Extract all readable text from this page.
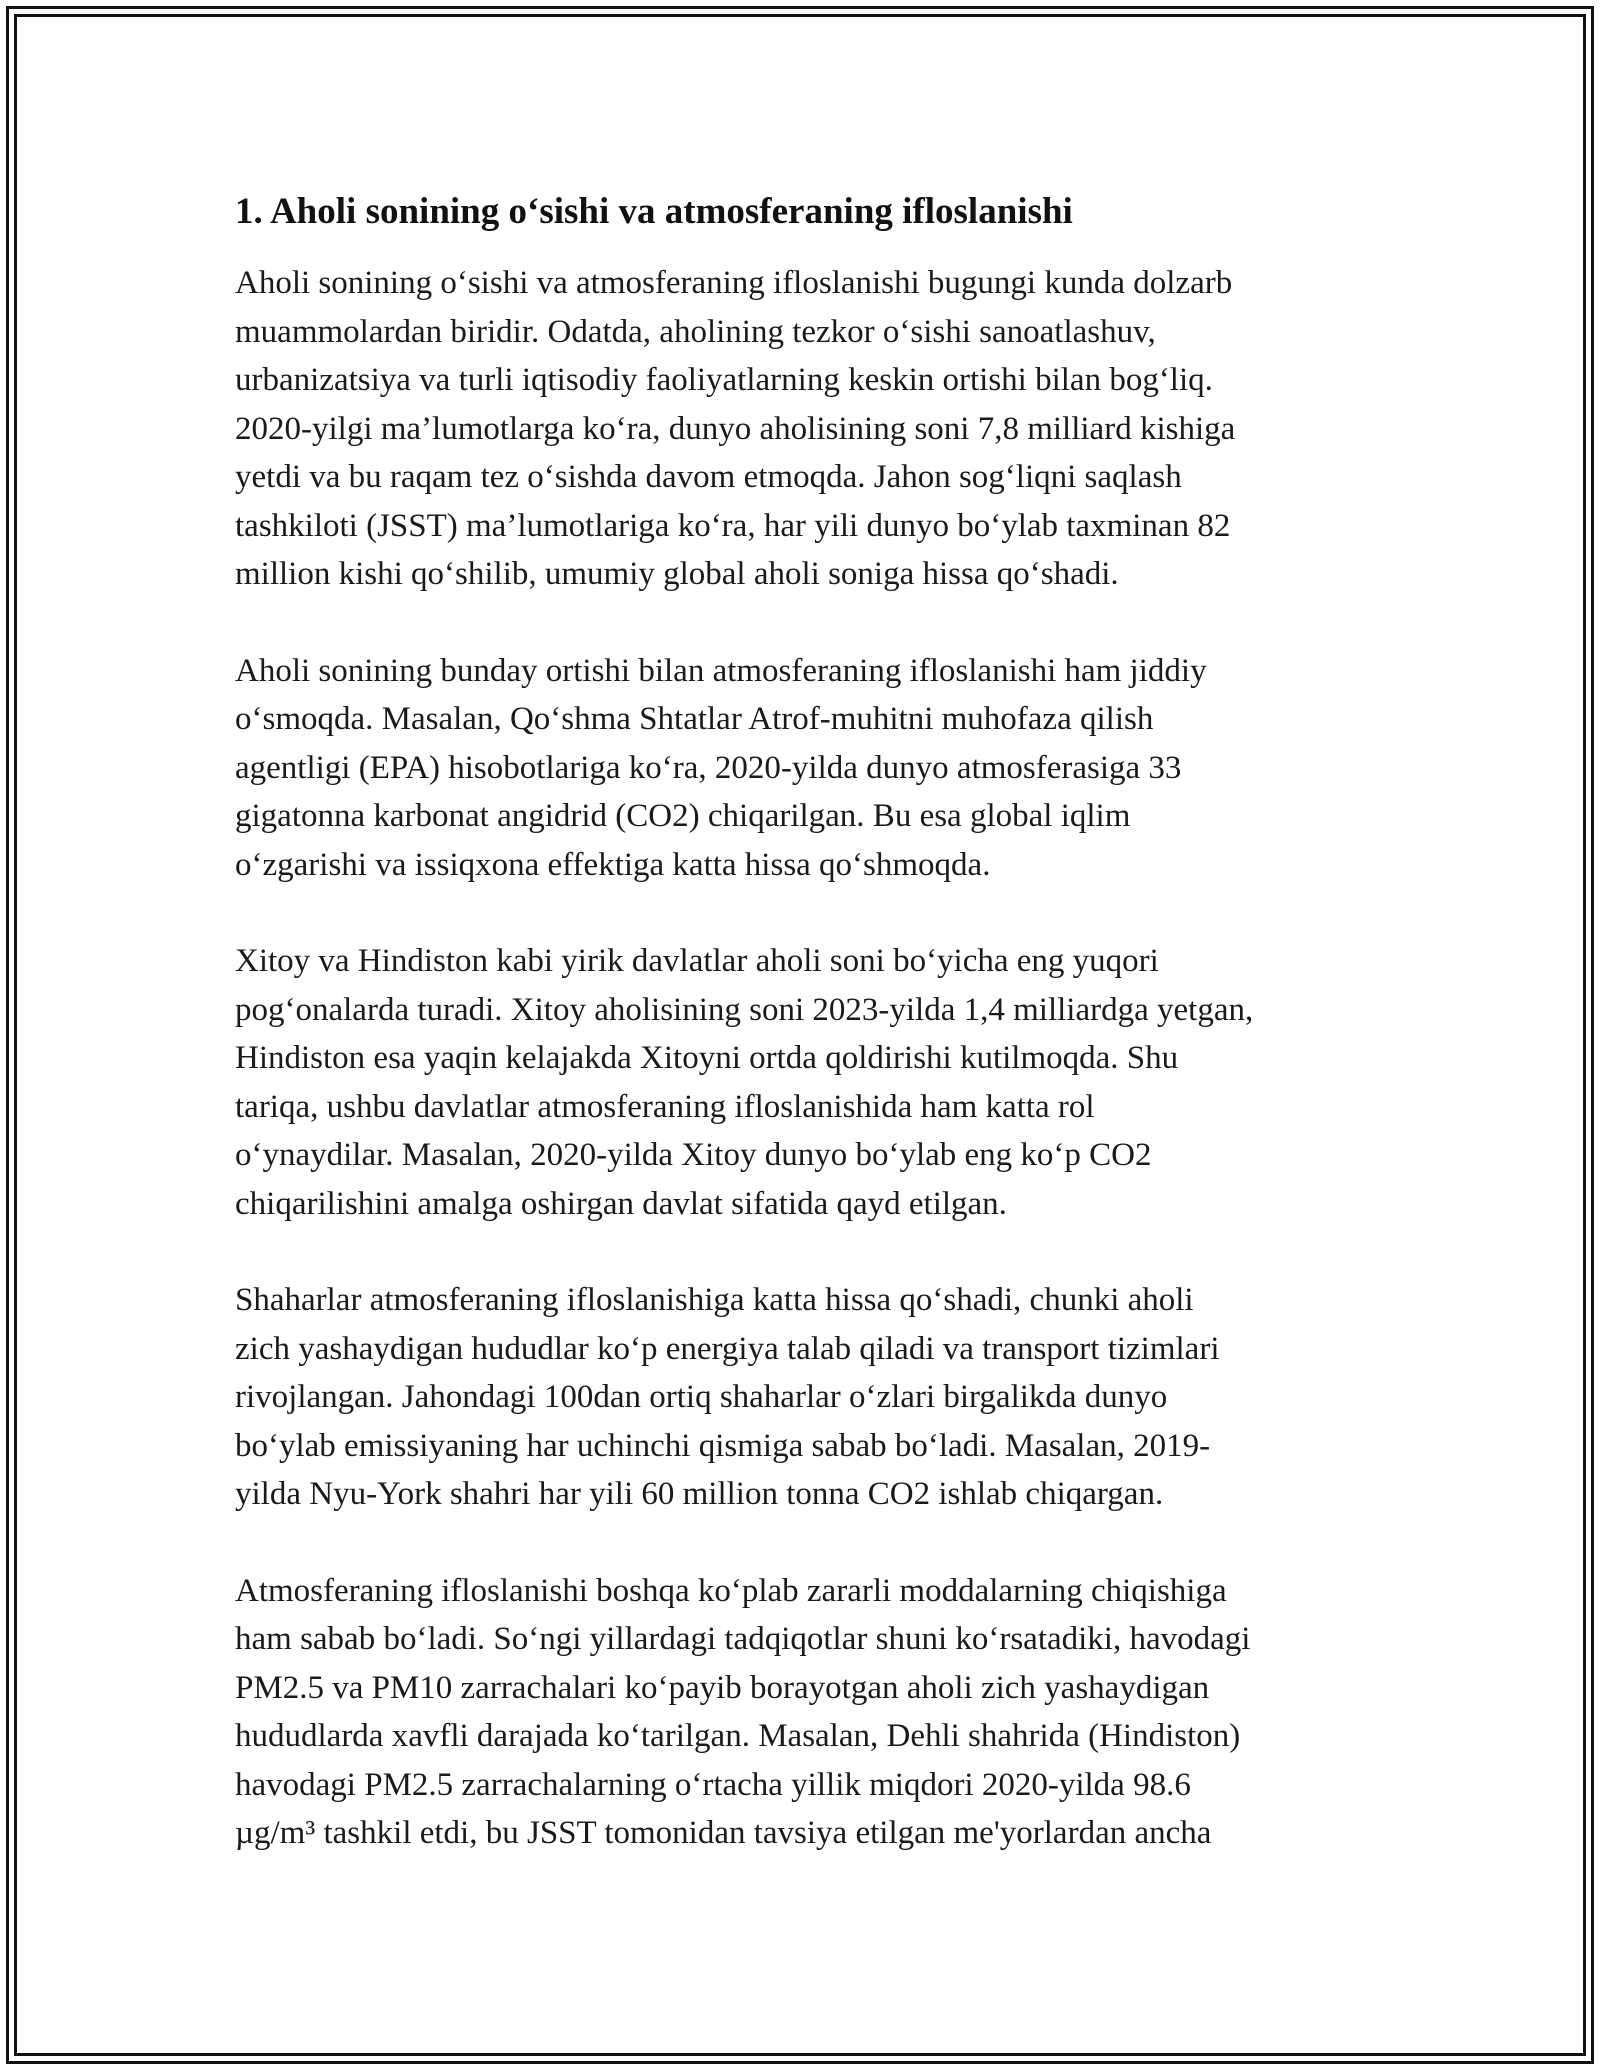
1. Aholi sonining oʻsishi va atmosferaning ifloslanishi
Aholi sonining oʻsishi va atmosferaning ifloslanishi bugungi kunda dolzarb
muammolardan biridir. Odatda, aholining tezkor oʻsishi sanoatlashuv,
urbanizatsiya va turli iqtisodiy faoliyatlarning keskin ortishi bilan bogʻliq.
2020-yilgi ma’lumotlarga koʻra, dunyo aholisining soni 7,8 milliard kishiga
yetdi va bu raqam tez oʻsishda davom etmoqda. Jahon sogʻliqni saqlash
tashkiloti (JSST) ma’lumotlariga koʻra, har yili dunyo boʻylab taxminan 82
million kishi qoʻshilib, umumiy global aholi soniga hissa qoʻshadi.
Aholi sonining bunday ortishi bilan atmosferaning ifloslanishi ham jiddiy
oʻsmoqda. Masalan, Qoʻshma Shtatlar Atrof-muhitni muhofaza qilish
agentligi (EPA) hisobotlariga koʻra, 2020-yilda dunyo atmosferasiga 33
gigatonna karbonat angidrid (CO2) chiqarilgan. Bu esa global iqlim
oʻzgarishi va issiqxona effektiga katta hissa qoʻshmoqda.
Xitoy va Hindiston kabi yirik davlatlar aholi soni boʻyicha eng yuqori
pogʻonalarda turadi. Xitoy aholisining soni 2023-yilda 1,4 milliardga yetgan,
Hindiston esa yaqin kelajakda Xitoyni ortda qoldirishi kutilmoqda. Shu
tariqa, ushbu davlatlar atmosferaning ifloslanishida ham katta rol
oʻynaydilar. Masalan, 2020-yilda Xitoy dunyo boʻylab eng koʻp CO2
chiqarilishini amalga oshirgan davlat sifatida qayd etilgan.
Shaharlar atmosferaning ifloslanishiga katta hissa qoʻshadi, chunki aholi
zich yashaydigan hududlar koʻp energiya talab qiladi va transport tizimlari
rivojlangan. Jahondagi 100dan ortiq shaharlar oʻzlari birgalikda dunyo
boʻylab emissiyaning har uchinchi qismiga sabab boʻladi. Masalan, 2019-
yilda Nyu-York shahri har yili 60 million tonna CO2 ishlab chiqargan.
Atmosferaning ifloslanishi boshqa koʻplab zararli moddalarning chiqishiga
ham sabab boʻladi. Soʻngi yillardagi tadqiqotlar shuni koʻrsatadiki, havodagi
PM2.5 va PM10 zarrachalari koʻpayib borayotgan aholi zich yashaydigan
hududlarda xavfli darajada koʻtarilgan. Masalan, Dehli shahrida (Hindiston)
havodagi PM2.5 zarrachalarning oʻrtacha yillik miqdori 2020-yilda 98.6
µg/m³ tashkil etdi, bu JSST tomonidan tavsiya etilgan me'yorlardan ancha
